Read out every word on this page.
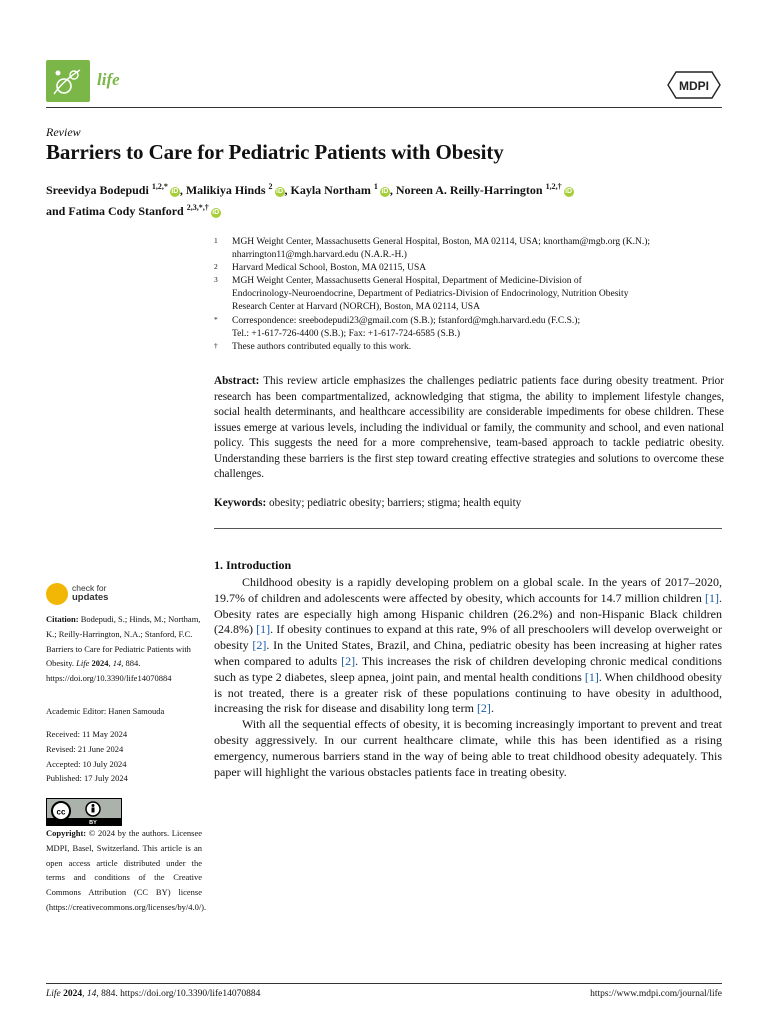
life	MDPI
Review
Barriers to Care for Pediatric Patients with Obesity
Sreevidya Bodepudi $^{1,2,*}$iD , Malikiya Hinds $^2$iD , Kayla Northam $^1$iD , Noreen A. Reilly-Harrington $^{1,2,\dagger}$iD
and Fatima Cody Stanford $^{2,3,*,\dagger}$iD
1 MGH Weight Center, Massachusetts General Hospital, Boston, MA 02114, USA; knortham@mgb.org (K.N.);
nharrington11@mgh.harvard.edu (N.A.R.-H.)
2 Harvard Medical School, Boston, MA 02115, USA
3 MGH Weight Center, Massachusetts General Hospital, Department of Medicine-Division of
Endocrinology-Neuroendocrine, Department of Pediatrics-Division of Endocrinology, Nutrition Obesity
Research Center at Harvard (NORCH), Boston, MA 02114, USA
* Correspondence: sreebodepudi23@gmail.com (S.B.); fstanford@mgh.harvard.edu (F.C.S.);
Tel.: +1-617-726-4400 (S.B.); Fax: +1-617-724-6585 (S.B.)
† These authors contributed equally to this work.
Abstract: This review article emphasizes the challenges pediatric patients face during obesity treatment. Prior research has been compartmentalized, acknowledging that stigma, the ability to implement lifestyle changes, social health determinants, and healthcare accessibility are considerable impediments for obese children. These issues emerge at various levels, including the individual or family, the community and school, and even national policy. This suggests the need for a more comprehensive, team-based approach to tackle pediatric obesity. Understanding these barriers is the first step toward creating effective strategies and solutions to overcome these challenges.
Keywords: obesity; pediatric obesity; barriers; stigma; health equity
1. Introduction

Childhood obesity is a rapidly developing problem on a global scale. In the years of 2017–2020, 19.7% of children and adolescents were affected by obesity, which accounts for 14.7 million children [1]. Obesity rates are especially high among Hispanic children (26.2%) and non-Hispanic Black children (24.8%) [1]. If obesity continues to expand at this rate, 9% of all preschoolers will develop overweight or obesity [2]. In the United States, Brazil, and China, pediatric obesity has been increasing at higher rates when compared to adults [2]. This increases the risk of children developing chronic medical conditions such as type 2 diabetes, sleep apnea, joint pain, and mental health conditions [1]. When childhood obesity is not treated, there is a greater risk of these populations continuing to have obesity in adulthood, increasing the risk for disease and disability long term [2].

With all the sequential effects of obesity, it is becoming increasingly important to prevent and treat obesity aggressively. In our current healthcare climate, while this has been identified as a rising emergency, numerous barriers stand in the way of being able to treat childhood obesity adequately. This paper will highlight the various obstacles patients face in treating obesity.

check for
updates
Citation: Bodepudi, S.; Hinds, M.; Northam, K.; Reilly-Harrington, N.A.; Stanford, F.C. Barriers to Care for Pediatric Patients with Obesity. Life 2024, 14, 884. https://doi.org/10.3390/life14070884
Academic Editor: Hanen Samouda
Received: 11 May 2024
Revised: 21 June 2024
Accepted: 10 July 2024
Published: 17 July 2024
cc
BY
Copyright: © 2024 by the authors. Licensee MDPI, Basel, Switzerland. This article is an open access article distributed under the terms and conditions of the Creative Commons Attribution (CC BY) license (https://creativecommons.org/licenses/by/4.0/).
Life 2024, 14, 884. https://doi.org/10.3390/life14070884	https://www.mdpi.com/journal/life
